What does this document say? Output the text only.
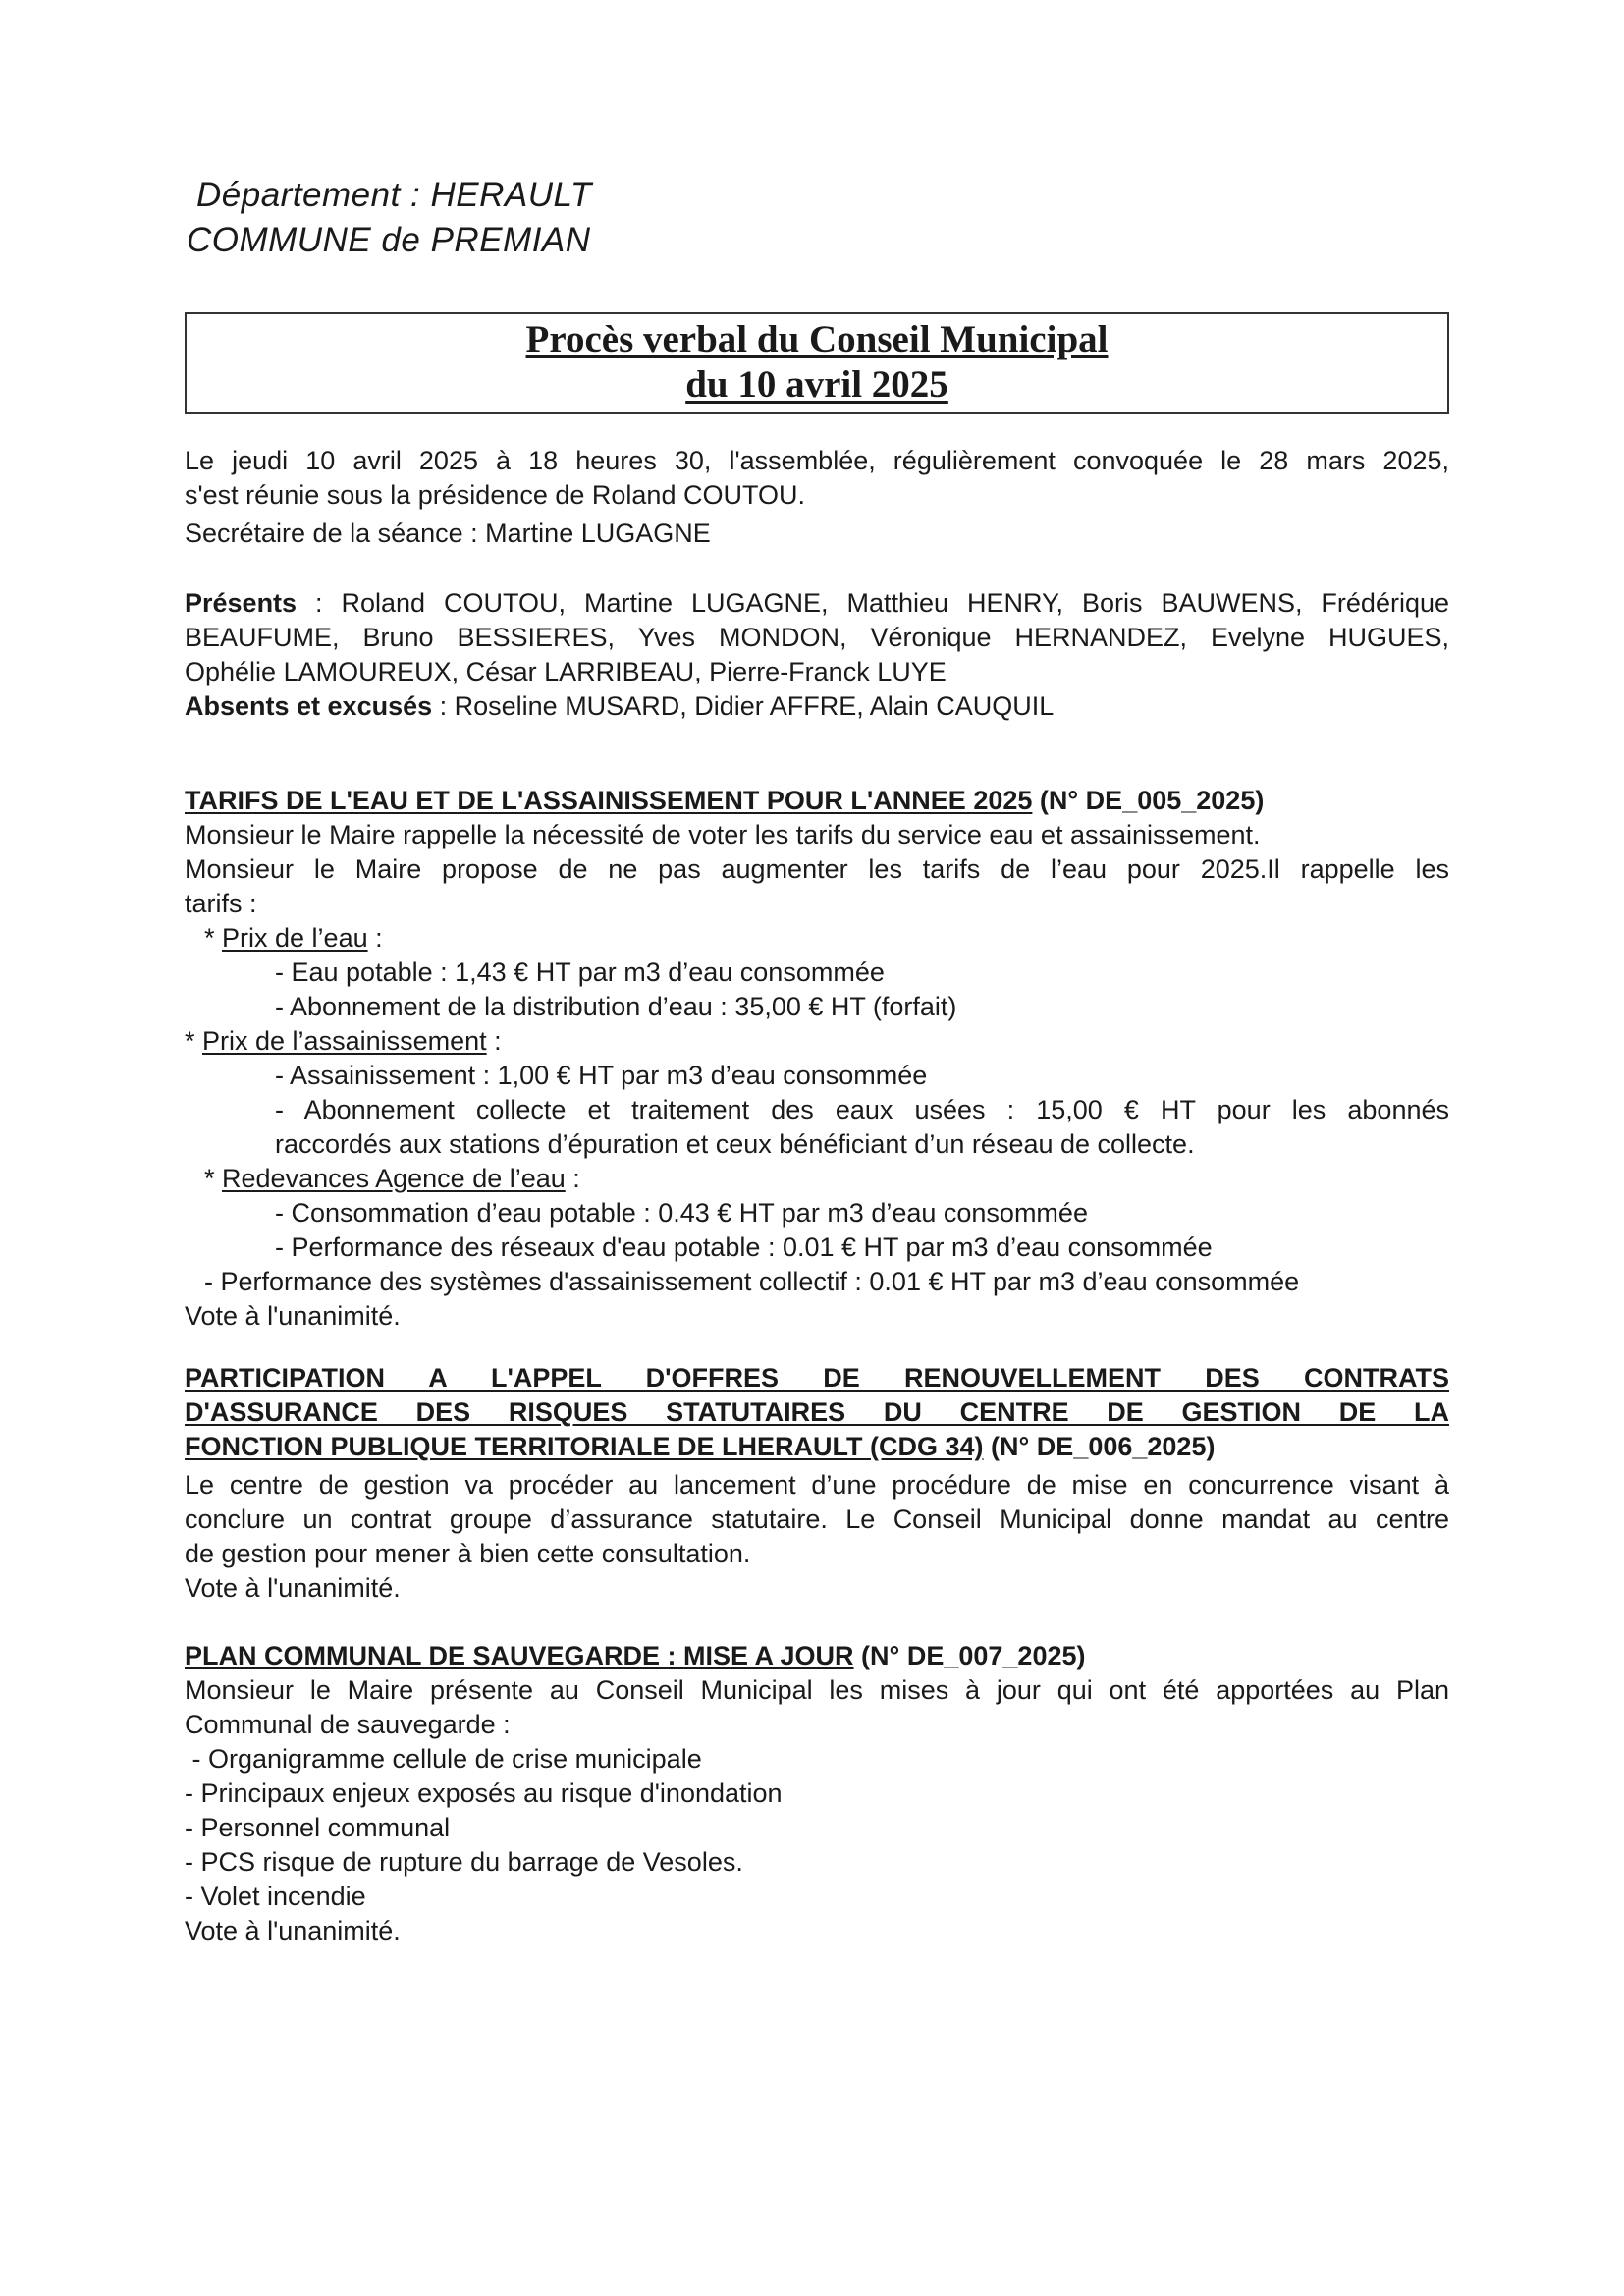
Département : HERAULT
COMMUNE de PREMIAN
Procès verbal du Conseil Municipal
du 10 avril 2025

Le jeudi 10 avril 2025 à 18 heures 30, l'assemblée, régulièrement convoquée le 28 mars 2025,

s'est réunie sous la présidence de Roland COUTOU.

Secrétaire de la séance : Martine LUGAGNE

Présents : Roland COUTOU, Martine LUGAGNE, Matthieu HENRY, Boris BAUWENS, Frédérique

BEAUFUME, Bruno BESSIERES, Yves MONDON, Véronique HERNANDEZ, Evelyne HUGUES,

Ophélie LAMOUREUX, César LARRIBEAU, Pierre-Franck LUYE

Absents et excusés : Roseline MUSARD, Didier AFFRE, Alain CAUQUIL

TARIFS DE L'EAU ET DE L'ASSAINISSEMENT POUR L'ANNEE 2025 (N° DE_005_2025)

Monsieur le Maire rappelle la nécessité de voter les tarifs du service eau et assainissement.

Monsieur le Maire propose de ne pas augmenter les tarifs de l’eau pour 2025.Il rappelle les

tarifs :

* Prix de l’eau :

- Eau potable : 1,43 € HT par m3 d’eau consommée

- Abonnement de la distribution d’eau : 35,00 € HT (forfait)

* Prix de l’assainissement :

- Assainissement : 1,00 € HT par m3 d’eau consommée

- Abonnement collecte et traitement des eaux usées : 15,00 € HT pour les abonnés

raccordés aux stations d’épuration et ceux bénéficiant d’un réseau de collecte.

* Redevances Agence de l’eau :

- Consommation d’eau potable : 0.43 € HT par m3 d’eau consommée

- Performance des réseaux d'eau potable : 0.01 € HT par m3 d’eau consommée

- Performance des systèmes d'assainissement collectif : 0.01 € HT par m3 d’eau consommée

Vote à l'unanimité.

PARTICIPATION A L'APPEL D'OFFRES DE RENOUVELLEMENT DES CONTRATS

D'ASSURANCE DES RISQUES STATUTAIRES DU CENTRE DE GESTION DE LA

FONCTION PUBLIQUE TERRITORIALE DE LHERAULT (CDG 34) (N° DE_006_2025)

Le centre de gestion va procéder au lancement d’une procédure de mise en concurrence visant à

conclure un contrat groupe d’assurance statutaire. Le Conseil Municipal donne mandat au centre

de gestion pour mener à bien cette consultation.

Vote à l'unanimité.

PLAN COMMUNAL DE SAUVEGARDE : MISE A JOUR (N° DE_007_2025)

Monsieur le Maire présente au Conseil Municipal les mises à jour qui ont été apportées au Plan

Communal de sauvegarde :

- Organigramme cellule de crise municipale

- Principaux enjeux exposés au risque d'inondation

- Personnel communal

- PCS risque de rupture du barrage de Vesoles.

- Volet incendie

Vote à l'unanimité.
